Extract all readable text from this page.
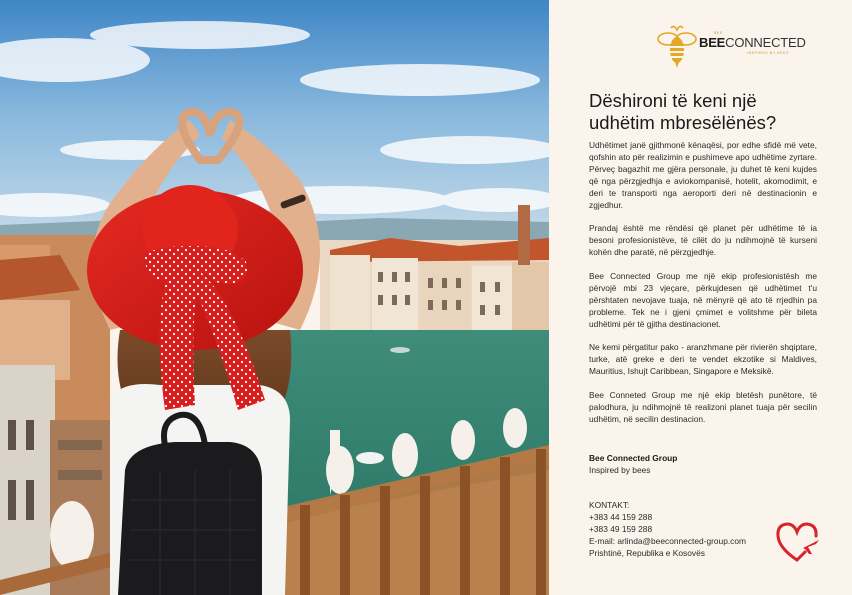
BEE
BEECONNECTED
INSPIRED BY BEES
Dëshironi të keni një udhëtim mbresëlënës?

Udhëtimet janë gjithmonë kënaqësi, por edhe sfidë më vete, qofshin ato për realizimin e pushimeve apo udhëtime zyrtare. Përveç bagazhit me gjëra personale, ju duhet të keni kujdes që nga përzgjedhja e aviokompanisë, hotelit, akomodimit, e deri te transporti nga aeroporti deri në destinacionin e zgjedhur.

Prandaj është me rëndësi që planet për udhëtime të ia besoni profesionistëve, të cilët do ju ndihmojnë të kurseni kohën dhe paratë, në përzgjedhje.

Bee Connected Group me një ekip profesionistësh me përvojë mbi 23 vjeçare, përkujdesen që udhëtimet t'u përshtaten nevojave tuaja, në mënyrë që ato të rrjedhin pa probleme. Tek ne i gjeni çmimet e volitshme për bileta udhëtimi për të gjitha destinacionet.

Ne kemi përgatitur pako - aranzhmane për rivierën shqiptare, turke, atë greke e deri te vendet ekzotike si Maldives, Mauritius, Ishujt Caribbean, Singapore e Meksikë.

Bee Conneted Group me një ekip bletësh punëtore, të palodhura, ju ndihmojnë të realizoni planet tuaja për secilin udhëtim, në secilin destinacion.

Bee Connected Group
Inspired by bees
KONTAKT:
+383 44 159 288
+383 49 159 288
E-mail: arlinda@beeconnected-group.com
Prishtinë, Republika e Kosovës
